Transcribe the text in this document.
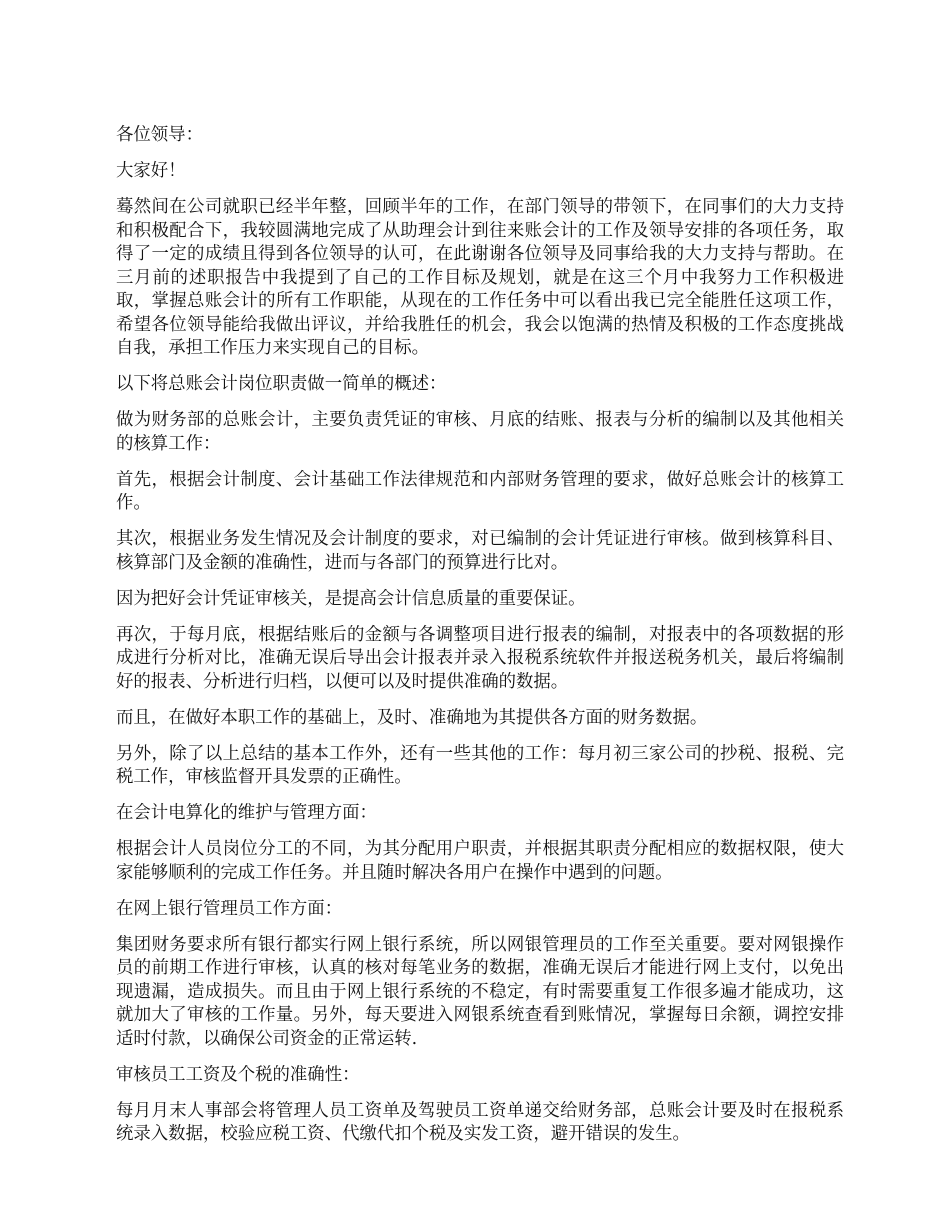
各位领导：

大家好！

蓦然间在公司就职已经半年整，回顾半年的工作，在部门领导的带领下，在同事们的大力支持和积极配合下，我较圆满地完成了从助理会计到往来账会计的工作及领导安排的各项任务，取得了一定的成绩且得到各位领导的认可，在此谢谢各位领导及同事给我的大力支持与帮助。在三月前的述职报告中我提到了自己的工作目标及规划，就是在这三个月中我努力工作积极进取，掌握总账会计的所有工作职能，从现在的工作任务中可以看出我已完全能胜任这项工作，希望各位领导能给我做出评议，并给我胜任的机会，我会以饱满的热情及积极的工作态度挑战自我，承担工作压力来实现自己的目标。

以下将总账会计岗位职责做一简单的概述：

做为财务部的总账会计，主要负责凭证的审核、月底的结账、报表与分析的编制以及其他相关的核算工作：

首先，根据会计制度、会计基础工作法律规范和内部财务管理的要求，做好总账会计的核算工作。

其次，根据业务发生情况及会计制度的要求，对已编制的会计凭证进行审核。做到核算科目、核算部门及金额的准确性，进而与各部门的预算进行比对。

因为把好会计凭证审核关，是提高会计信息质量的重要保证。

再次，于每月底，根据结账后的金额与各调整项目进行报表的编制，对报表中的各项数据的形成进行分析对比，准确无误后导出会计报表并录入报税系统软件并报送税务机关，最后将编制好的报表、分析进行归档，以便可以及时提供准确的数据。

而且，在做好本职工作的基础上，及时、准确地为其提供各方面的财务数据。

另外，除了以上总结的基本工作外，还有一些其他的工作：每月初三家公司的抄税、报税、完税工作，审核监督开具发票的正确性。

在会计电算化的维护与管理方面：

根据会计人员岗位分工的不同，为其分配用户职责，并根据其职责分配相应的数据权限，使大家能够顺利的完成工作任务。并且随时解决各用户在操作中遇到的问题。

在网上银行管理员工作方面：

集团财务要求所有银行都实行网上银行系统，所以网银管理员的工作至关重要。要对网银操作员的前期工作进行审核，认真的核对每笔业务的数据，准确无误后才能进行网上支付，以免出现遗漏，造成损失。而且由于网上银行系统的不稳定，有时需要重复工作很多遍才能成功，这就加大了审核的工作量。另外，每天要进入网银系统查看到账情况，掌握每日余额，调控安排适时付款，以确保公司资金的正常运转.

审核员工工资及个税的准确性：

每月月末人事部会将管理人员工资单及驾驶员工资单递交给财务部，总账会计要及时在报税系统录入数据，校验应税工资、代缴代扣个税及实发工资，避开错误的发生。
